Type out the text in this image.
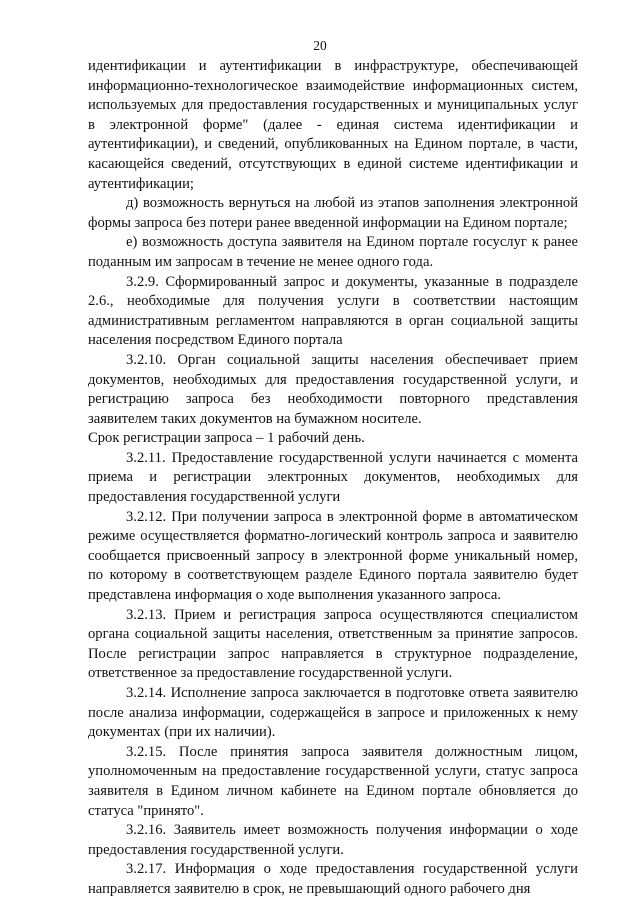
20

идентификации и аутентификации в инфраструктуре, обеспечивающей информационно-технологическое взаимодействие информационных систем, используемых для предоставления государственных и муниципальных услуг в электронной форме" (далее - единая система идентификации и аутентификации), и сведений, опубликованных на Едином портале, в части, касающейся сведений, отсутствующих в единой системе идентификации и аутентификации;

д) возможность вернуться на любой из этапов заполнения электронной формы запроса без потери ранее введенной информации на Едином портале;

е) возможность доступа заявителя на Едином портале госуслуг к ранее поданным им запросам в течение не менее одного года.

3.2.9. Сформированный запрос и документы, указанные в подразделе 2.6., необходимые для получения услуги в соответствии настоящим административным регламентом направляются в орган социальной защиты населения посредством Единого портала

3.2.10. Орган социальной защиты населения обеспечивает прием документов, необходимых для предоставления государственной услуги, и регистрацию запроса без необходимости повторного представления заявителем таких документов на бумажном носителе.

Срок регистрации запроса – 1 рабочий день.

3.2.11. Предоставление государственной услуги начинается с момента приема и регистрации электронных документов, необходимых для предоставления государственной услуги

3.2.12. При получении запроса в электронной форме в автоматическом режиме осуществляется форматно-логический контроль запроса и заявителю сообщается присвоенный запросу в электронной форме уникальный номер, по которому в соответствующем разделе Единого портала заявителю будет представлена информация о ходе выполнения указанного запроса.

3.2.13. Прием и регистрация запроса осуществляются специалистом органа социальной защиты населения, ответственным за принятие запросов. После регистрации запрос направляется в структурное подразделение, ответственное за предоставление государственной услуги.

3.2.14. Исполнение запроса заключается в подготовке ответа заявителю после анализа информации, содержащейся в запросе и приложенных к нему документах (при их наличии).

3.2.15. После принятия запроса заявителя должностным лицом, уполномоченным на предоставление государственной услуги, статус запроса заявителя в Едином личном кабинете на Едином портале обновляется до статуса "принято".

3.2.16. Заявитель имеет возможность получения информации о ходе предоставления государственной услуги.

3.2.17. Информация о ходе предоставления государственной услуги направляется заявителю в срок, не превышающий одного рабочего дня
